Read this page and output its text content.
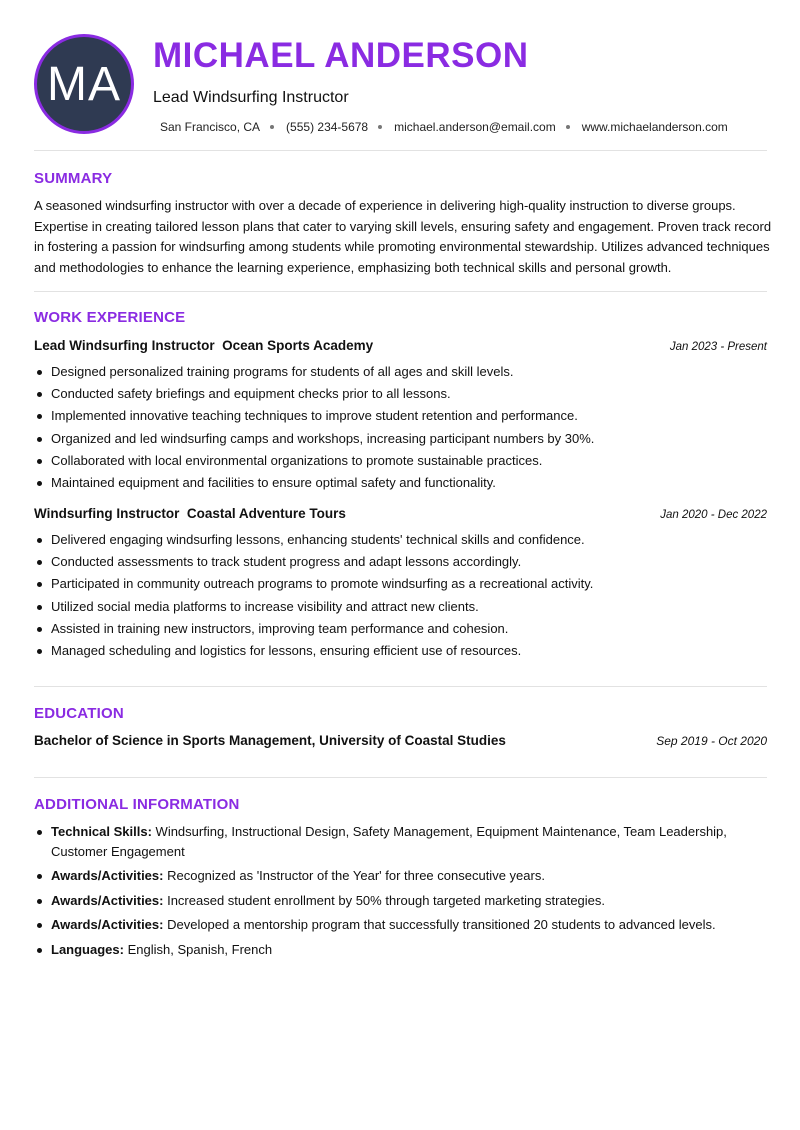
MA
MICHAEL ANDERSON
Lead Windsurfing Instructor
San Francisco, CA (555) 234-5678 michael.anderson@email.com www.michaelanderson.com
SUMMARY
A seasoned windsurfing instructor with over a decade of experience in delivering high-quality instruction to diverse groups. Expertise in creating tailored lesson plans that cater to varying skill levels, ensuring safety and engagement. Proven track record in fostering a passion for windsurfing among students while promoting environmental stewardship. Utilizes advanced techniques and methodologies to enhance the learning experience, emphasizing both technical skills and personal growth.
WORK EXPERIENCE
Lead Windsurfing Instructor  Ocean Sports Academy	Jan 2023 - Present
Designed personalized training programs for students of all ages and skill levels.
Conducted safety briefings and equipment checks prior to all lessons.
Implemented innovative teaching techniques to improve student retention and performance.
Organized and led windsurfing camps and workshops, increasing participant numbers by 30%.
Collaborated with local environmental organizations to promote sustainable practices.
Maintained equipment and facilities to ensure optimal safety and functionality.
Windsurfing Instructor  Coastal Adventure Tours	Jan 2020 - Dec 2022
Delivered engaging windsurfing lessons, enhancing students' technical skills and confidence.
Conducted assessments to track student progress and adapt lessons accordingly.
Participated in community outreach programs to promote windsurfing as a recreational activity.
Utilized social media platforms to increase visibility and attract new clients.
Assisted in training new instructors, improving team performance and cohesion.
Managed scheduling and logistics for lessons, ensuring efficient use of resources.
EDUCATION
Bachelor of Science in Sports Management, University of Coastal Studies	Sep 2019 - Oct 2020
ADDITIONAL INFORMATION
Technical Skills: Windsurfing, Instructional Design, Safety Management, Equipment Maintenance, Team Leadership, Customer Engagement
Awards/Activities: Recognized as 'Instructor of the Year' for three consecutive years.
Awards/Activities: Increased student enrollment by 50% through targeted marketing strategies.
Awards/Activities: Developed a mentorship program that successfully transitioned 20 students to advanced levels.
Languages: English, Spanish, French
